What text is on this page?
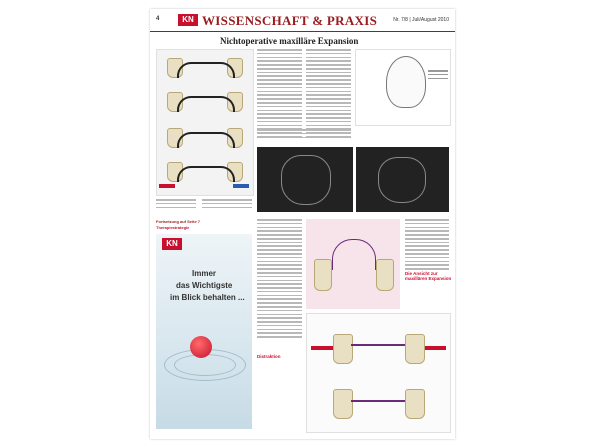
4	KN WISSENSCHAFT & PRAXIS	Nr. 7/8 | Juli/August 2010
Nichtoperative maxilläre Expansion
Fortsetzung auf Seite 7
Therapiestrategie
KN
Immer
das Wichtigste
im Blick behalten ...
Distraktion
Die Ansicht zur maxillären Expansion
